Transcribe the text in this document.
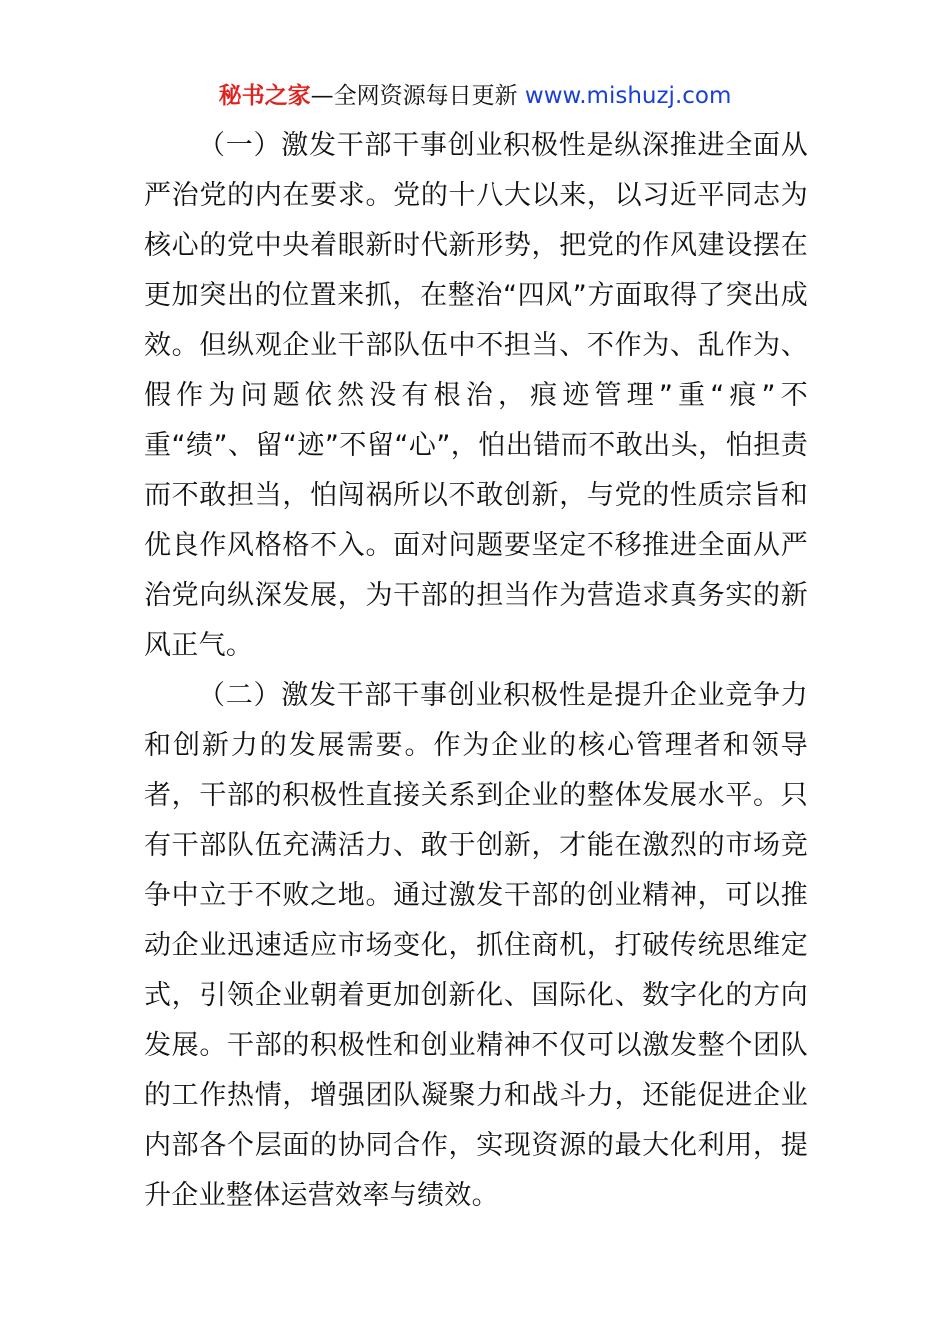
秘书之家—全网资源每日更新 www.mishuzj.com

（一）激发干部干事创业积极性是纵深推进全面从严治党的内在要求。党的十八大以来，以习近平同志为核心的党中央着眼新时代新形势，把党的作风建设摆在更加突出的位置来抓，在整治“四风”方面取得了突出成效。但纵观企业干部队伍中不担当、不作为、乱作为、假作为问题依然没有根治，痕迹管理”重“痕”不重“绩”、留“迹”不留“心”，怕出错而不敢出头，怕担责而不敢担当，怕闯祸所以不敢创新，与党的性质宗旨和优良作风格格不入。面对问题要坚定不移推进全面从严治党向纵深发展，为干部的担当作为营造求真务实的新风正气。

（二）激发干部干事创业积极性是提升企业竞争力和创新力的发展需要。作为企业的核心管理者和领导者，干部的积极性直接关系到企业的整体发展水平。只有干部队伍充满活力、敢于创新，才能在激烈的市场竞争中立于不败之地。通过激发干部的创业精神，可以推动企业迅速适应市场变化，抓住商机，打破传统思维定式，引领企业朝着更加创新化、国际化、数字化的方向发展。干部的积极性和创业精神不仅可以激发整个团队的工作热情，增强团队凝聚力和战斗力，还能促进企业内部各个层面的协同合作，实现资源的最大化利用，提升企业整体运营效率与绩效。
